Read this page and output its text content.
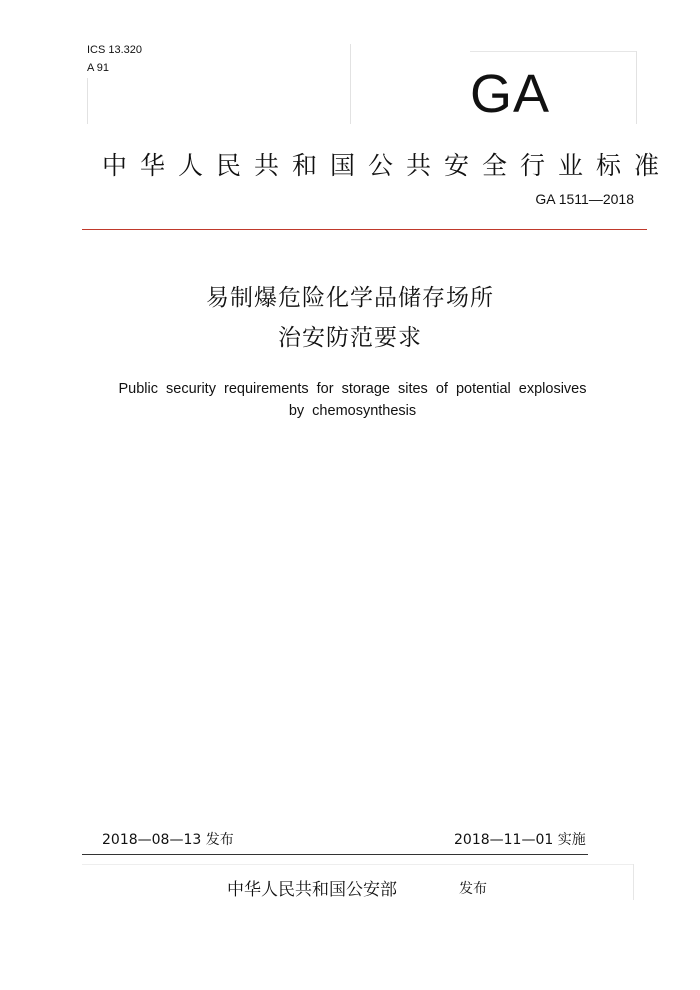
ICS 13.320
A 91	GA
中华人民共和国公共安全行业标准
GA 1511—2018
易制爆危险化学品储存场所
治安防范要求
Public security requirements for storage sites of potential explosives
by chemosynthesis
2018—08—13 发布	2018—11—01 实施
中华人民共和国公安部	发布
